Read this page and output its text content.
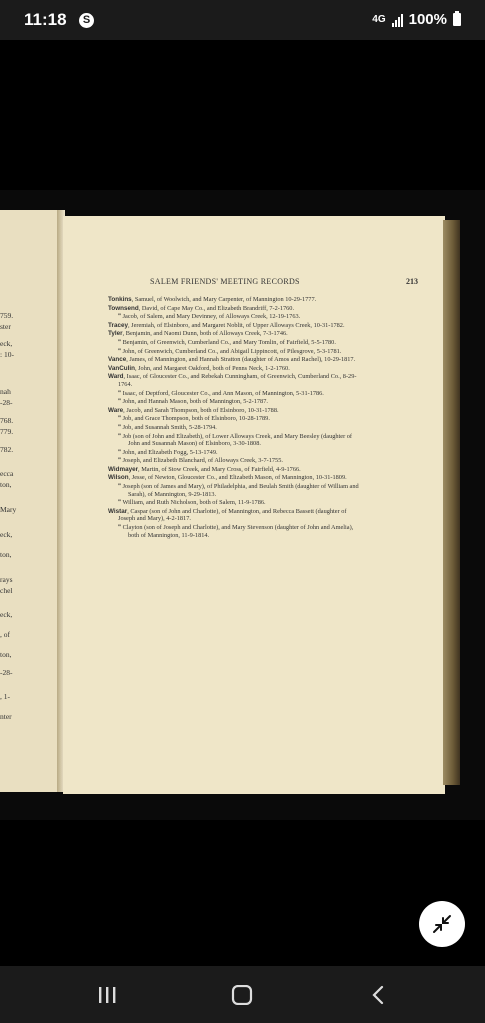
11:18	S	4G 100%
759.
ster
eck,
: 10-
nah
-28-
768.
779.
782.
ecca
ton,
Mary
eck,
ton,
rays
chel
eck,
, of
ton,
-28-
, 1-
nter
SALEM FRIENDS' MEETING RECORDS	213
Tonkins, Samuel, of Woolwich, and Mary Carpenter, of Mannington 10-29-1777.
Townsend, David, of Cape May Co., and Elizabeth Brandriff, 7-2-1760.
" Jacob, of Salem, and Mary Devinney, of Alloways Creek, 12-19-1763.
Tracey, Jeremiah, of Elsinboro, and Margaret Noblit, of Upper Alloways Creek, 10-31-1782.
Tyler, Benjamin, and Naomi Dunn, both of Alloways Creek, 7-3-1746.
" Benjamin, of Greenwich, Cumberland Co., and Mary Tomlin, of Fairfield, 5-5-1780.
" John, of Greenwich, Cumberland Co., and Abigail Lippincott, of Pilesgrove, 5-3-1781.
Vance, James, of Mannington, and Hannah Stratton (daughter of Amos and Rachel), 10-29-1817.
VanCulin, John, and Margaret Oakford, both of Penns Neck, 1-2-1760.
Ward, Isaac, of Gloucester Co., and Rebekah Cunningham, of Greenwich, Cumberland Co., 8-29-1764.
" Isaac, of Deptford, Gloucester Co., and Ann Mason, of Mannington, 5-31-1786.
" John, and Hannah Mason, both of Mannington, 5-2-1787.
Ware, Jacob, and Sarah Thompson, both of Elsinboro, 10-31-1788.
" Job, and Grace Thompson, both of Elsinboro, 10-28-1789.
" Job, and Susannah Smith, 5-28-1794.
" Job (son of John and Elizabeth), of Lower Alloways Creek, and Mary Beesley (daughter of John and Susannah Mason) of Elsinboro, 3-30-1808.
" John, and Elizabeth Fogg, 5-13-1749.
" Joseph, and Elizabeth Blanchard, of Alloways Creek, 3-7-1755.
Widmayer, Martin, of Stow Creek, and Mary Cross, of Fairfield, 4-9-1766.
Wilson, Jesse, of Newton, Gloucester Co., and Elizabeth Mason, of Mannington, 10-31-1809.
" Joseph (son of James and Mary), of Philadelphia, and Beulah Smith (daughter of William and Sarah), of Mannington, 9-29-1813.
" William, and Ruth Nicholson, both of Salem, 11-9-1786.
Wistar, Caspar (son of John and Charlotte), of Mannington, and Rebecca Bassett (daughter of Joseph and Mary), 4-2-1817.
" Clayton (son of Joseph and Charlotte), and Mary Stevenson (daughter of John and Amelia), both of Mannington, 11-9-1814.
